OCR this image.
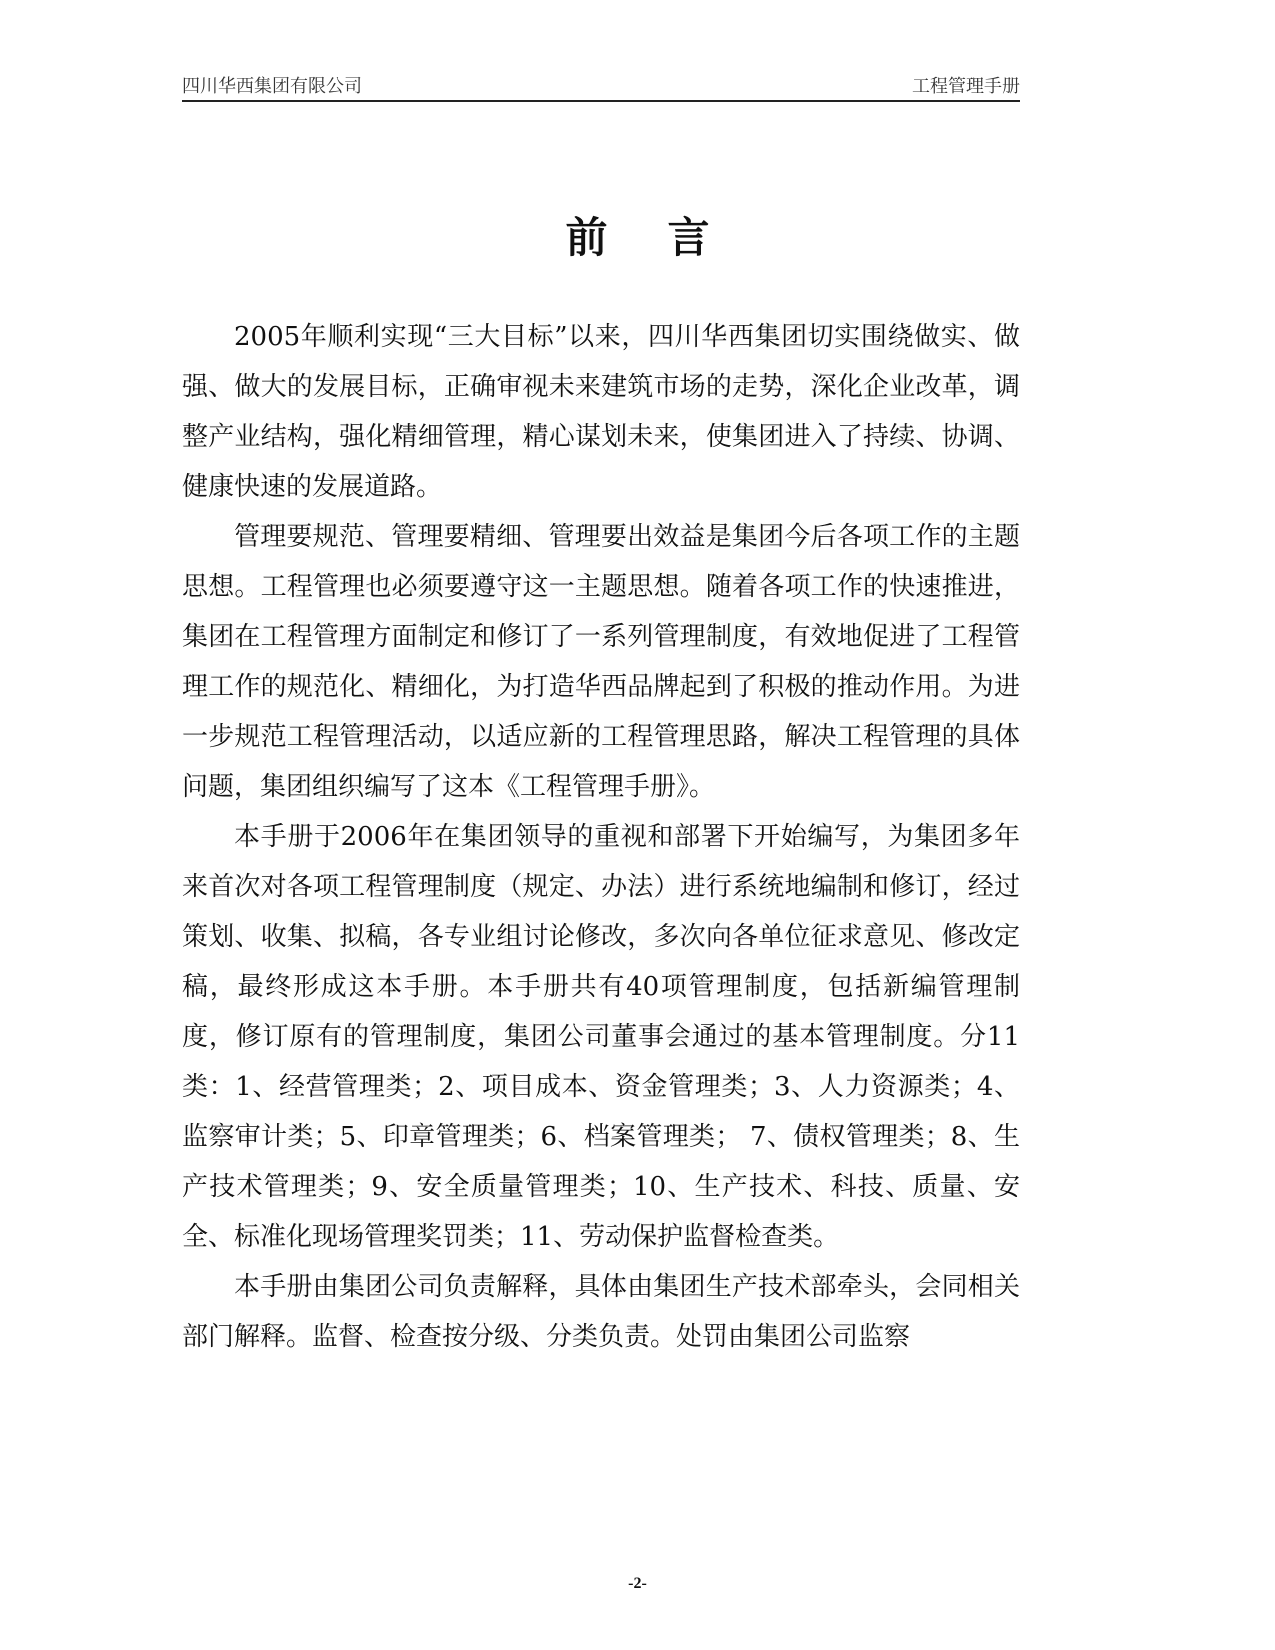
四川华西集团有限公司	工程管理手册
前言

2005年顺利实现“三大目标”以来，四川华西集团切实围绕做实、做强、做大的发展目标，正确审视未来建筑市场的走势，深化企业改革，调整产业结构，强化精细管理，精心谋划未来，使集团进入了持续、协调、健康快速的发展道路。

管理要规范、管理要精细、管理要出效益是集团今后各项工作的主题思想。工程管理也必须要遵守这一主题思想。随着各项工作的快速推进，集团在工程管理方面制定和修订了一系列管理制度，有效地促进了工程管理工作的规范化、精细化，为打造华西品牌起到了积极的推动作用。为进一步规范工程管理活动，以适应新的工程管理思路，解决工程管理的具体问题，集团组织编写了这本《工程管理手册》。

本手册于2006年在集团领导的重视和部署下开始编写，为集团多年来首次对各项工程管理制度（规定、办法）进行系统地编制和修订，经过策划、收集、拟稿，各专业组讨论修改，多次向各单位征求意见、修改定稿，最终形成这本手册。本手册共有40项管理制度，包括新编管理制度，修订原有的管理制度，集团公司董事会通过的基本管理制度。分11类：1、经营管理类；2、项目成本、资金管理类；3、人力资源类；4、监察审计类；5、印章管理类；6、档案管理类； 7、债权管理类；8、生产技术管理类；9、安全质量管理类；10、生产技术、科技、质量、安全、标准化现场管理奖罚类；11、劳动保护监督检查类。

本手册由集团公司负责解释，具体由集团生产技术部牵头，会同相关部门解释。监督、检查按分级、分类负责。处罚由集团公司监察

-2-
